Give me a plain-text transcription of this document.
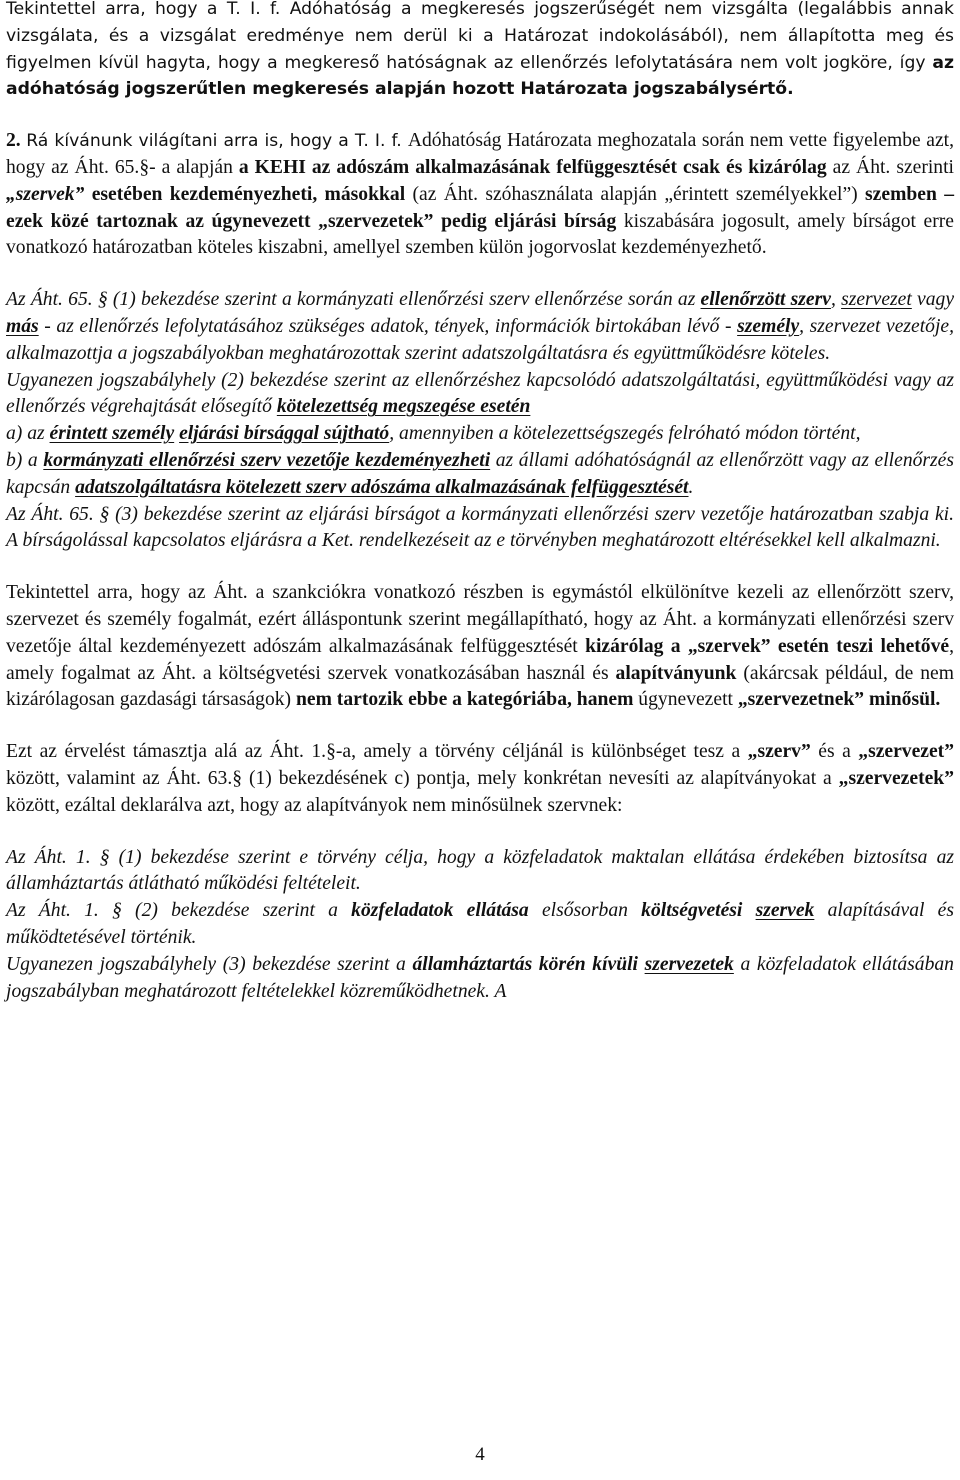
Tekintettel arra, hogy a T. I. f. Adóhatóság a megkeresés jogszerűségét nem vizsgálta (legalábbis annak vizsgálata, és a vizsgálat eredménye nem derül ki a Határozat indokolásából), nem állapította meg és figyelmen kívül hagyta, hogy a megkereső hatóságnak az ellenőrzés lefolytatására nem volt jogköre, így az adóhatóság jogszerűtlen megkeresés alapján hozott Határozata jogszabálysértő.

2. Rá kívánunk világítani arra is, hogy a T. I. f. Adóhatóság Határozata meghozatala során nem vette figyelembe azt, hogy az Áht. 65.§- a alapján a KEHI az adószám alkalmazásának felfüggesztését csak és kizárólag az Áht. szerinti „szervek” esetében kezdeményezheti, másokkal (az Áht. szóhasználata alapján „érintett személyekkel”) szemben – ezek közé tartoznak az úgynevezett „szervezetek” pedig eljárási bírság kiszabására jogosult, amely bírságot erre vonatkozó határozatban köteles kiszabni, amellyel szemben külön jogorvoslat kezdeményezhető.

Az Áht. 65. § (1) bekezdése szerint a kormányzati ellenőrzési szerv ellenőrzése során az ellenőrzött szerv, szervezet vagy más - az ellenőrzés lefolytatásához szükséges adatok, tények, információk birtokában lévő - személy, szervezet vezetője, alkalmazottja a jogszabályokban meghatározottak szerint adatszolgáltatásra és együttműködésre köteles.

Ugyanezen jogszabályhely (2) bekezdése szerint az ellenőrzéshez kapcsolódó adatszolgáltatási, együttműködési vagy az ellenőrzés végrehajtását elősegítő kötelezettség megszegése esetén

a) az érintett személy eljárási bírsággal sújtható, amennyiben a kötelezettségszegés felróható módon történt,

b) a kormányzati ellenőrzési szerv vezetője kezdeményezheti az állami adóhatóságnál az ellenőrzött vagy az ellenőrzés kapcsán adatszolgáltatásra kötelezett szerv adószáma alkalmazásának felfüggesztését.

Az Áht. 65. § (3) bekezdése szerint az eljárási bírságot a kormányzati ellenőrzési szerv vezetője határozatban szabja ki. A bírságolással kapcsolatos eljárásra a Ket. rendelkezéseit az e törvényben meghatározott eltérésekkel kell alkalmazni.

Tekintettel arra, hogy az Áht. a szankciókra vonatkozó részben is egymástól elkülönítve kezeli az ellenőrzött szerv, szervezet és személy fogalmát, ezért álláspontunk szerint megállapítható, hogy az Áht. a kormányzati ellenőrzési szerv vezetője által kezdeményezett adószám alkalmazásának felfüggesztését kizárólag a „szervek” esetén teszi lehetővé, amely fogalmat az Áht. a költségvetési szervek vonatkozásában használ és alapítványunk (akárcsak például, de nem kizárólagosan gazdasági társaságok) nem tartozik ebbe a kategóriába, hanem úgynevezett „szervezetnek” minősül.

Ezt az érvelést támasztja alá az Áht. 1.§-a, amely a törvény céljánál is különbséget tesz a „szerv” és a „szervezet” között, valamint az Áht. 63.§ (1) bekezdésének c) pontja, mely konkrétan nevesíti az alapítványokat a „szervezetek” között, ezáltal deklarálva azt, hogy az alapítványok nem minősülnek szervnek:

Az Áht. 1. § (1) bekezdése szerint e törvény célja, hogy a közfeladatok maktalan ellátása érdekében biztosítsa az államháztartás átlátható működési feltételeit.

Az Áht. 1. § (2) bekezdése szerint a közfeladatok ellátása elsősorban költségvetési szervek alapításával és működtetésével történik.

Ugyanezen jogszabályhely (3) bekezdése szerint a államháztartás körén kívüli szervezetek a közfeladatok ellátásában jogszabályban meghatározott feltételekkel közreműködhetnek. A

4
